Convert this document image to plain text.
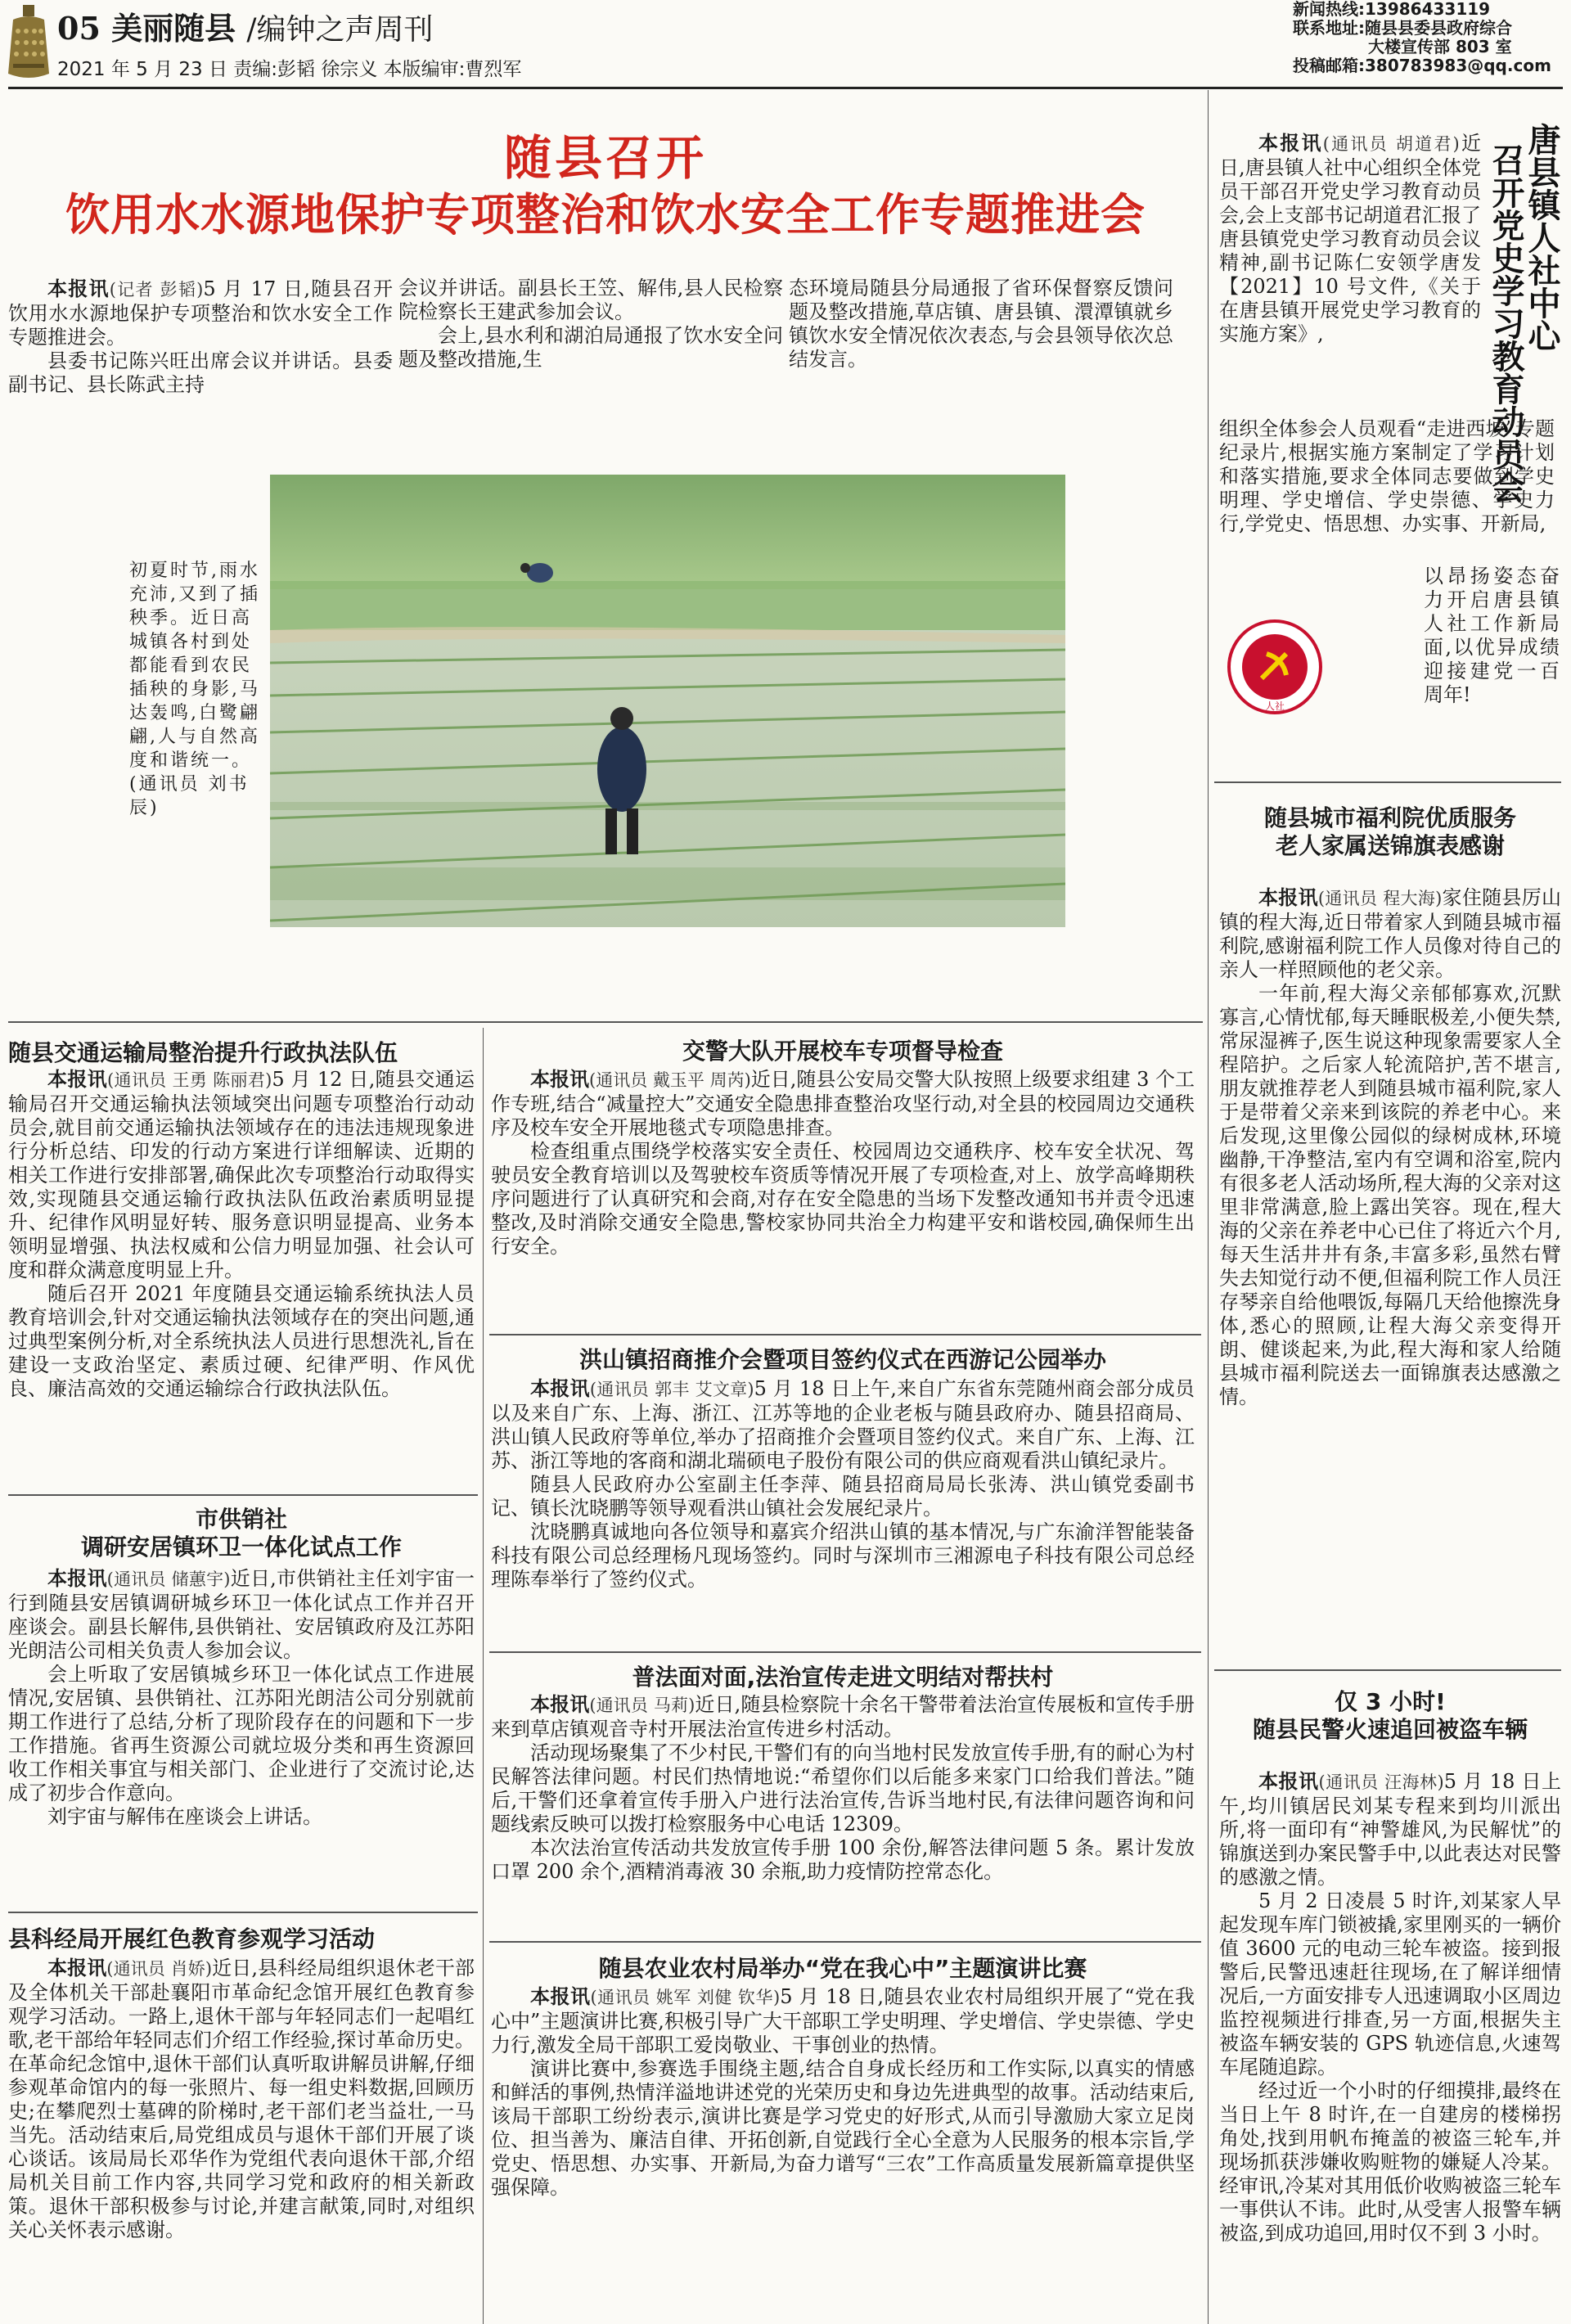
05 美丽随县 /编钟之声周刊
2021 年 5 月 23 日 责编:彭韬 徐宗义 本版编审:曹烈军
新闻热线:13986433119
联系地址:随县县委县政府综合
大楼宣传部 803 室
投稿邮箱:380783983@qq.com
随县召开
饮用水水源地保护专项整治和饮水安全工作专题推进会

本报讯(记者 彭韬)5 月 17 日,随县召开饮用水水源地保护专项整治和饮水安全工作专题推进会。

县委书记陈兴旺出席会议并讲话。县委副书记、县长陈武主持

会议并讲话。副县长王笠、解伟,县人民检察院检察长王建武参加会议。

会上,县水利和湖泊局通报了饮水安全问题及整改措施,生

态环境局随县分局通报了省环保督察反馈问题及整改措施,草店镇、唐县镇、澴潭镇就乡镇饮水安全情况依次表态,与会县领导依次总结发言。
初夏时节,雨水充沛,又到了插秧季。近日高城镇各村到处都能看到农民插秧的身影,马达轰鸣,白鹭翩翩,人与自然高度和谐统一。(通讯员 刘书辰)
唐县镇人社中心
召开党史学习教育动员会

本报讯(通讯员 胡道君)近日,唐县镇人社中心组织全体党员干部召开党史学习教育动员会,会上支部书记胡道君汇报了唐县镇党史学习教育动员会议精神,副书记陈仁安领学唐发【2021】10 号文件,《关于在唐县镇开展党史学习教育的实施方案》,

组织全体参会人员观看“走进西坡”专题纪录片,根据实施方案制定了学习计划和落实措施,要求全体同志要做到学史明理、学史增信、学史崇德、学史力行,学党史、悟思想、办实事、开新局,
人社
以昂扬姿态奋力开启唐县镇人社工作新局面,以优异成绩迎接建党一百周年!
随县城市福利院优质服务
老人家属送锦旗表感谢

本报讯(通讯员 程大海)家住随县厉山镇的程大海,近日带着家人到随县城市福利院,感谢福利院工作人员像对待自己的亲人一样照顾他的老父亲。

一年前,程大海父亲郁郁寡欢,沉默寡言,心情忧郁,每天睡眠极差,小便失禁,常尿湿裤子,医生说这种现象需要家人全程陪护。之后家人轮流陪护,苦不堪言,朋友就推荐老人到随县城市福利院,家人于是带着父亲来到该院的养老中心。来后发现,这里像公园似的绿树成林,环境幽静,干净整洁,室内有空调和浴室,院内有很多老人活动场所,程大海的父亲对这里非常满意,脸上露出笑容。现在,程大海的父亲在养老中心已住了将近六个月,每天生活井井有条,丰富多彩,虽然右臂失去知觉行动不便,但福利院工作人员汪存琴亲自给他喂饭,每隔几天给他擦洗身体,悉心的照顾,让程大海父亲变得开朗、健谈起来,为此,程大海和家人给随县城市福利院送去一面锦旗表达感激之情。

仅 3 小时!
随县民警火速追回被盗车辆

本报讯(通讯员 汪海林)5 月 18 日上午,均川镇居民刘某专程来到均川派出所,将一面印有“神警雄风,为民解忧”的锦旗送到办案民警手中,以此表达对民警的感激之情。

5 月 2 日凌晨 5 时许,刘某家人早起发现车库门锁被撬,家里刚买的一辆价值 3600 元的电动三轮车被盗。接到报警后,民警迅速赶往现场,在了解详细情况后,一方面安排专人迅速调取小区周边监控视频进行排查,另一方面,根据失主被盗车辆安装的 GPS 轨迹信息,火速驾车尾随追踪。

经过近一个小时的仔细摸排,最终在当日上午 8 时许,在一自建房的楼梯拐角处,找到用帆布掩盖的被盗三轮车,并现场抓获涉嫌收购赃物的嫌疑人冷某。经审讯,冷某对其用低价收购被盗三轮车一事供认不讳。此时,从受害人报警车辆被盗,到成功追回,用时仅不到 3 小时。

随县交通运输局整治提升行政执法队伍

本报讯(通讯员 王勇 陈丽君)5 月 12 日,随县交通运输局召开交通运输执法领域突出问题专项整治行动动员会,就目前交通运输执法领域存在的违法违规现象进行分析总结、印发的行动方案进行详细解读、近期的相关工作进行安排部署,确保此次专项整治行动取得实效,实现随县交通运输行政执法队伍政治素质明显提升、纪律作风明显好转、服务意识明显提高、业务本领明显增强、执法权威和公信力明显加强、社会认可度和群众满意度明显上升。

随后召开 2021 年度随县交通运输系统执法人员教育培训会,针对交通运输执法领域存在的突出问题,通过典型案例分析,对全系统执法人员进行思想洗礼,旨在建设一支政治坚定、素质过硬、纪律严明、作风优良、廉洁高效的交通运输综合行政执法队伍。

市供销社
调研安居镇环卫一体化试点工作

本报讯(通讯员 储蕙宇)近日,市供销社主任刘宇宙一行到随县安居镇调研城乡环卫一体化试点工作并召开座谈会。副县长解伟,县供销社、安居镇政府及江苏阳光朗洁公司相关负责人参加会议。

会上听取了安居镇城乡环卫一体化试点工作进展情况,安居镇、县供销社、江苏阳光朗洁公司分别就前期工作进行了总结,分析了现阶段存在的问题和下一步工作措施。省再生资源公司就垃圾分类和再生资源回收工作相关事宜与相关部门、企业进行了交流讨论,达成了初步合作意向。

刘宇宙与解伟在座谈会上讲话。

县科经局开展红色教育参观学习活动

本报讯(通讯员 肖娇)近日,县科经局组织退休老干部及全体机关干部赴襄阳市革命纪念馆开展红色教育参观学习活动。一路上,退休干部与年轻同志们一起唱红歌,老干部给年轻同志们介绍工作经验,探讨革命历史。在革命纪念馆中,退休干部们认真听取讲解员讲解,仔细参观革命馆内的每一张照片、每一组史料数据,回顾历史;在攀爬烈士墓碑的阶梯时,老干部们老当益壮,一马当先。活动结束后,局党组成员与退休干部们开展了谈心谈话。该局局长邓华作为党组代表向退休干部,介绍局机关目前工作内容,共同学习党和政府的相关新政策。退休干部积极参与讨论,并建言献策,同时,对组织关心关怀表示感谢。

交警大队开展校车专项督导检查

本报讯(通讯员 戴玉平 周芮)近日,随县公安局交警大队按照上级要求组建 3 个工作专班,结合“减量控大”交通安全隐患排查整治攻坚行动,对全县的校园周边交通秩序及校车安全开展地毯式专项隐患排查。

检查组重点围绕学校落实安全责任、校园周边交通秩序、校车安全状况、驾驶员安全教育培训以及驾驶校车资质等情况开展了专项检查,对上、放学高峰期秩序问题进行了认真研究和会商,对存在安全隐患的当场下发整改通知书并责令迅速整改,及时消除交通安全隐患,警校家协同共治全力构建平安和谐校园,确保师生出行安全。

洪山镇招商推介会暨项目签约仪式在西游记公园举办

本报讯(通讯员 郭丰 艾文章)5 月 18 日上午,来自广东省东莞随州商会部分成员以及来自广东、上海、浙江、江苏等地的企业老板与随县政府办、随县招商局、洪山镇人民政府等单位,举办了招商推介会暨项目签约仪式。来自广东、上海、江苏、浙江等地的客商和湖北瑞硕电子股份有限公司的供应商观看洪山镇纪录片。

随县人民政府办公室副主任李萍、随县招商局局长张涛、洪山镇党委副书记、镇长沈晓鹏等领导观看洪山镇社会发展纪录片。

沈晓鹏真诚地向各位领导和嘉宾介绍洪山镇的基本情况,与广东渝洋智能装备科技有限公司总经理杨凡现场签约。同时与深圳市三湘源电子科技有限公司总经理陈奉举行了签约仪式。

普法面对面,法治宣传走进文明结对帮扶村

本报讯(通讯员 马莉)近日,随县检察院十余名干警带着法治宣传展板和宣传手册来到草店镇观音寺村开展法治宣传进乡村活动。

活动现场聚集了不少村民,干警们有的向当地村民发放宣传手册,有的耐心为村民解答法律问题。村民们热情地说:“希望你们以后能多来家门口给我们普法。”随后,干警们还拿着宣传手册入户进行法治宣传,告诉当地村民,有法律问题咨询和问题线索反映可以拨打检察服务中心电话 12309。

本次法治宣传活动共发放宣传手册 100 余份,解答法律问题 5 条。累计发放口罩 200 余个,酒精消毒液 30 余瓶,助力疫情防控常态化。

随县农业农村局举办“党在我心中”主题演讲比赛

本报讯(通讯员 姚军 刘健 钦华)5 月 18 日,随县农业农村局组织开展了“党在我心中”主题演讲比赛,积极引导广大干部职工学史明理、学史增信、学史崇德、学史力行,激发全局干部职工爱岗敬业、干事创业的热情。

演讲比赛中,参赛选手围绕主题,结合自身成长经历和工作实际,以真实的情感和鲜活的事例,热情洋溢地讲述党的光荣历史和身边先进典型的故事。活动结束后,该局干部职工纷纷表示,演讲比赛是学习党史的好形式,从而引导激励大家立足岗位、担当善为、廉洁自律、开拓创新,自觉践行全心全意为人民服务的根本宗旨,学党史、悟思想、办实事、开新局,为奋力谱写“三农”工作高质量发展新篇章提供坚强保障。
